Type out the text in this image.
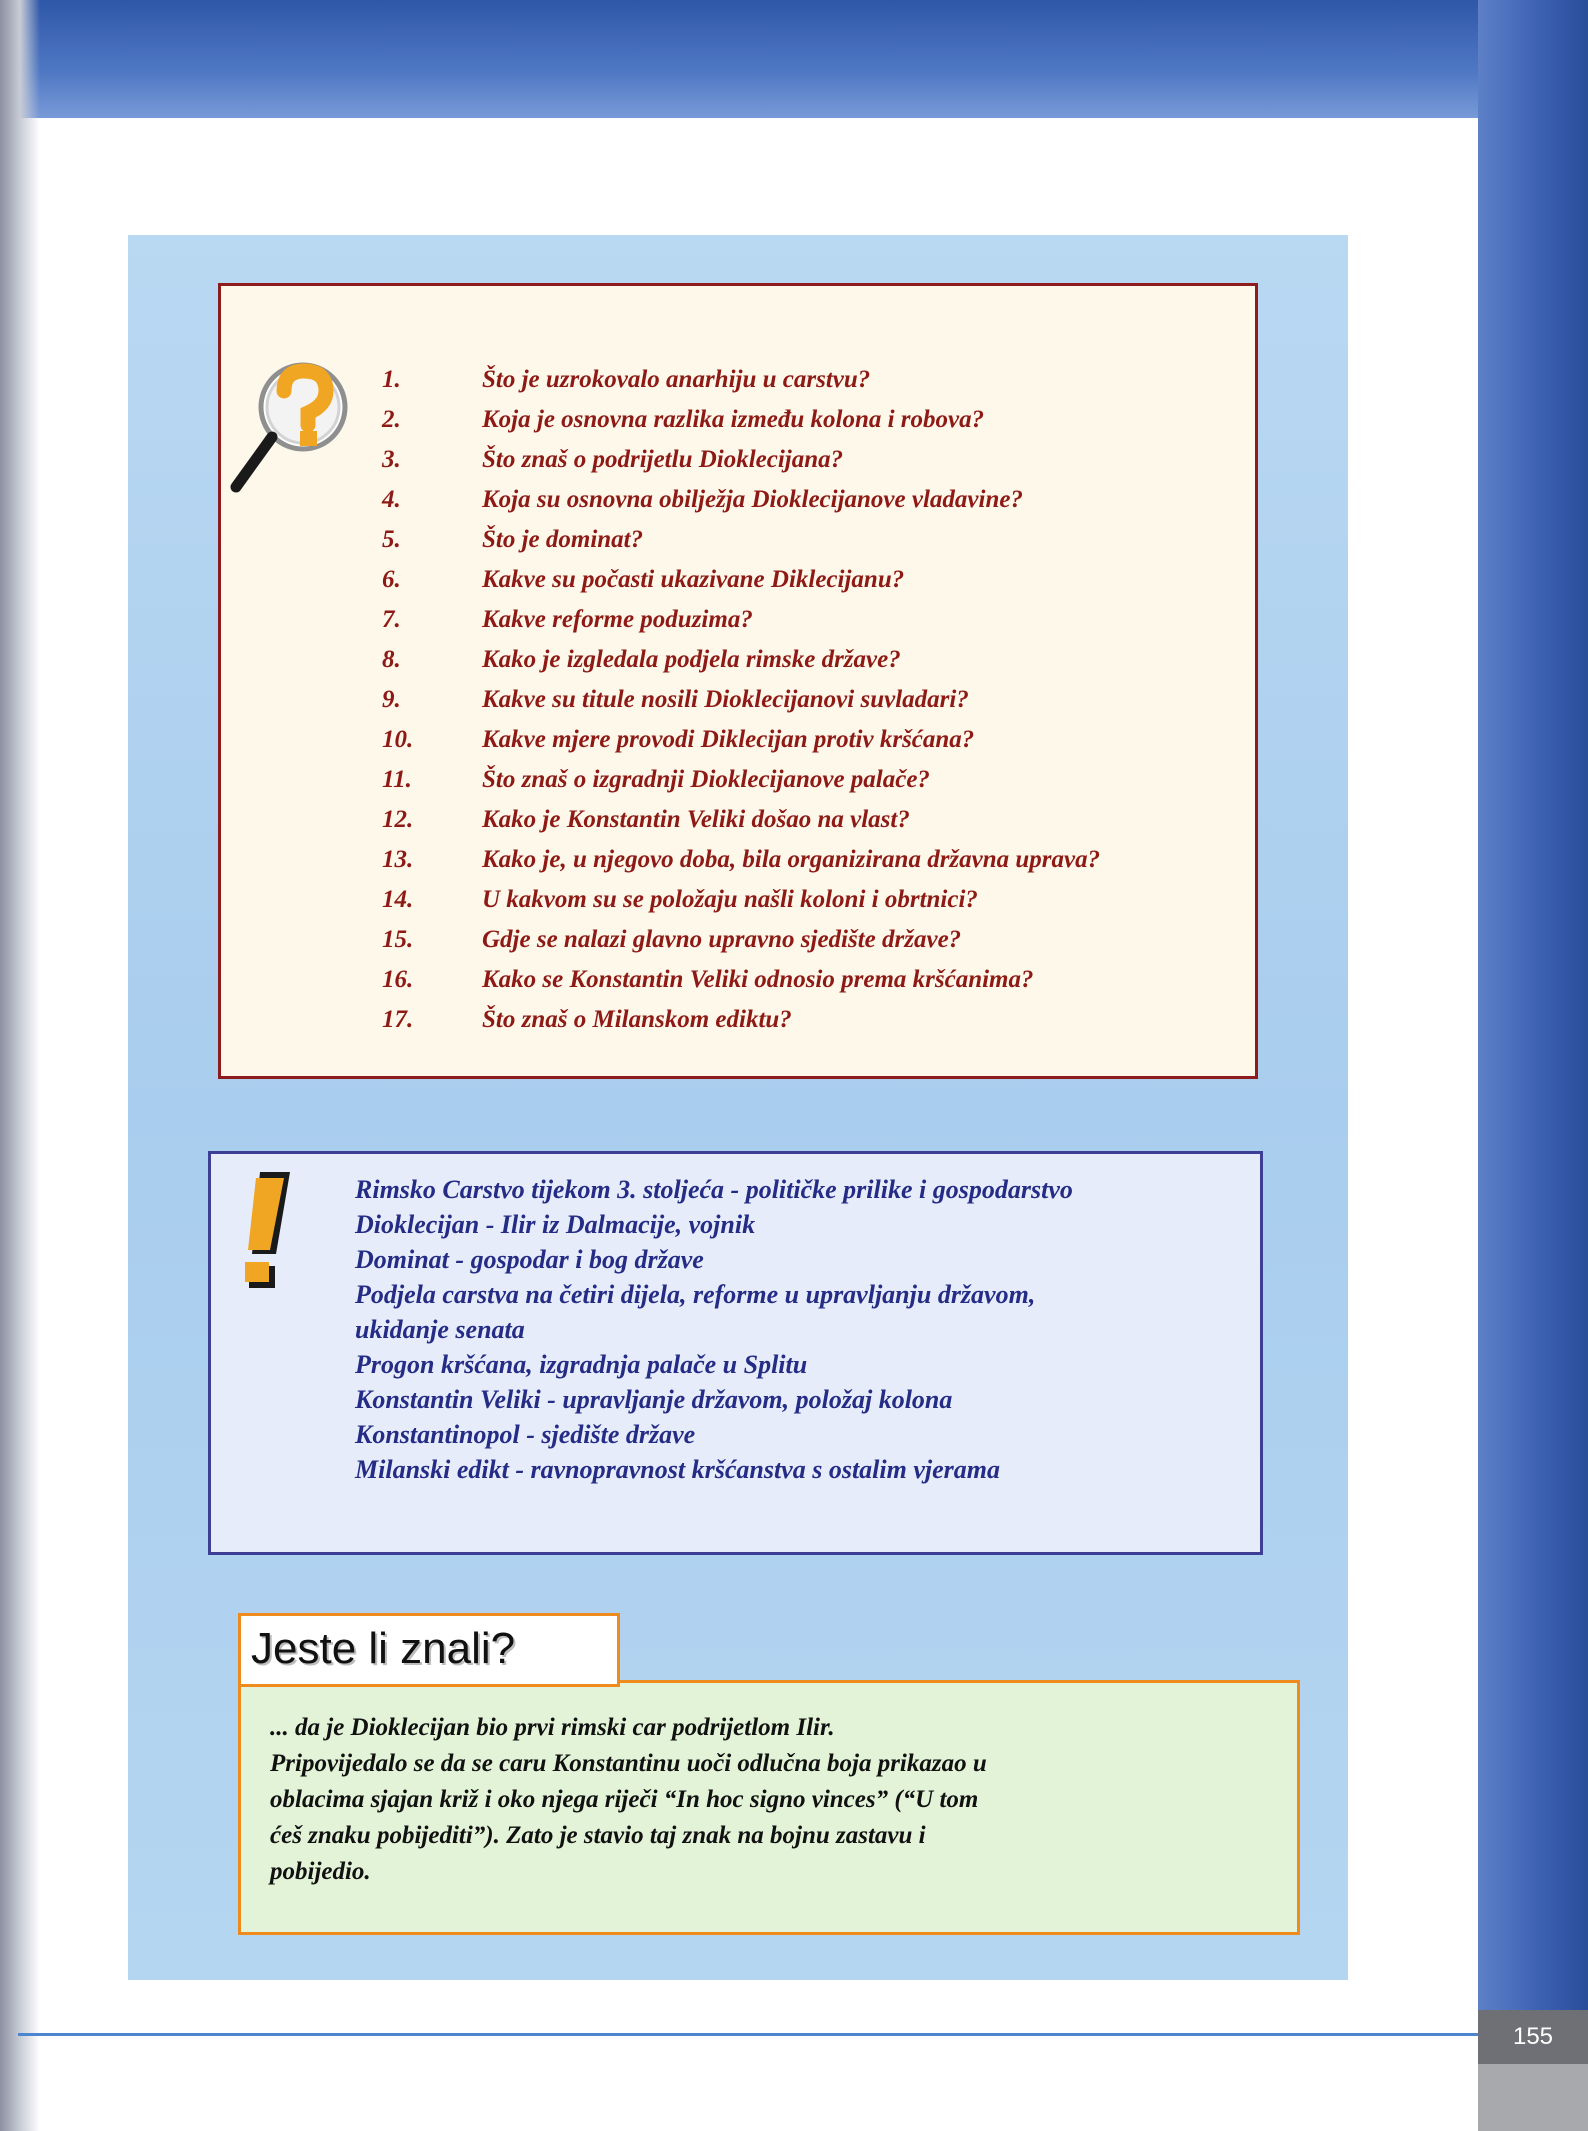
155
1.	Što je uzrokovalo anarhiju u carstvu?
2.	Koja je osnovna razlika između kolona i robova?
3.	Što znaš o podrijetlu Dioklecijana?
4.	Koja su osnovna obilježja Dioklecijanove vladavine?
5.	Što je dominat?
6.	Kakve su počasti ukazivane Diklecijanu?
7.	Kakve reforme poduzima?
8.	Kako je izgledala podjela rimske države?
9.	Kakve su titule nosili Dioklecijanovi suvladari?
10.	Kakve mjere provodi Diklecijan protiv kršćana?
11.	Što znaš o izgradnji Dioklecijanove palače?
12.	Kako je Konstantin Veliki došao na vlast?
13.	Kako je, u njegovo doba, bila organizirana državna uprava?
14.	U kakvom su se položaju našli koloni i obrtnici?
15.	Gdje se nalazi glavno upravno sjedište države?
16.	Kako se Konstantin Veliki odnosio prema kršćanima?
17.	Što znaš o Milanskom ediktu?
Rimsko Carstvo tijekom 3. stoljeća - političke prilike i gospodarstvo
Dioklecijan - Ilir iz Dalmacije, vojnik
Dominat - gospodar i bog države
Podjela carstva na četiri dijela, reforme u upravljanju državom,
ukidanje senata
Progon kršćana, izgradnja palače u Splitu
Konstantin Veliki - upravljanje državom, položaj kolona
Konstantinopol - sjedište države
Milanski edikt - ravnopravnost kršćanstva s ostalim vjerama
Jeste li znali?
... da je Dioklecijan bio prvi rimski car podrijetlom Ilir.
Pripovijedalo se da se caru Konstantinu uoči odlučna boja prikazao u
oblacima sjajan križ i oko njega riječi “In hoc signo vinces” (“U tom
ćeš znaku pobijediti”). Zato je stavio taj znak na bojnu zastavu i
pobijedio.
